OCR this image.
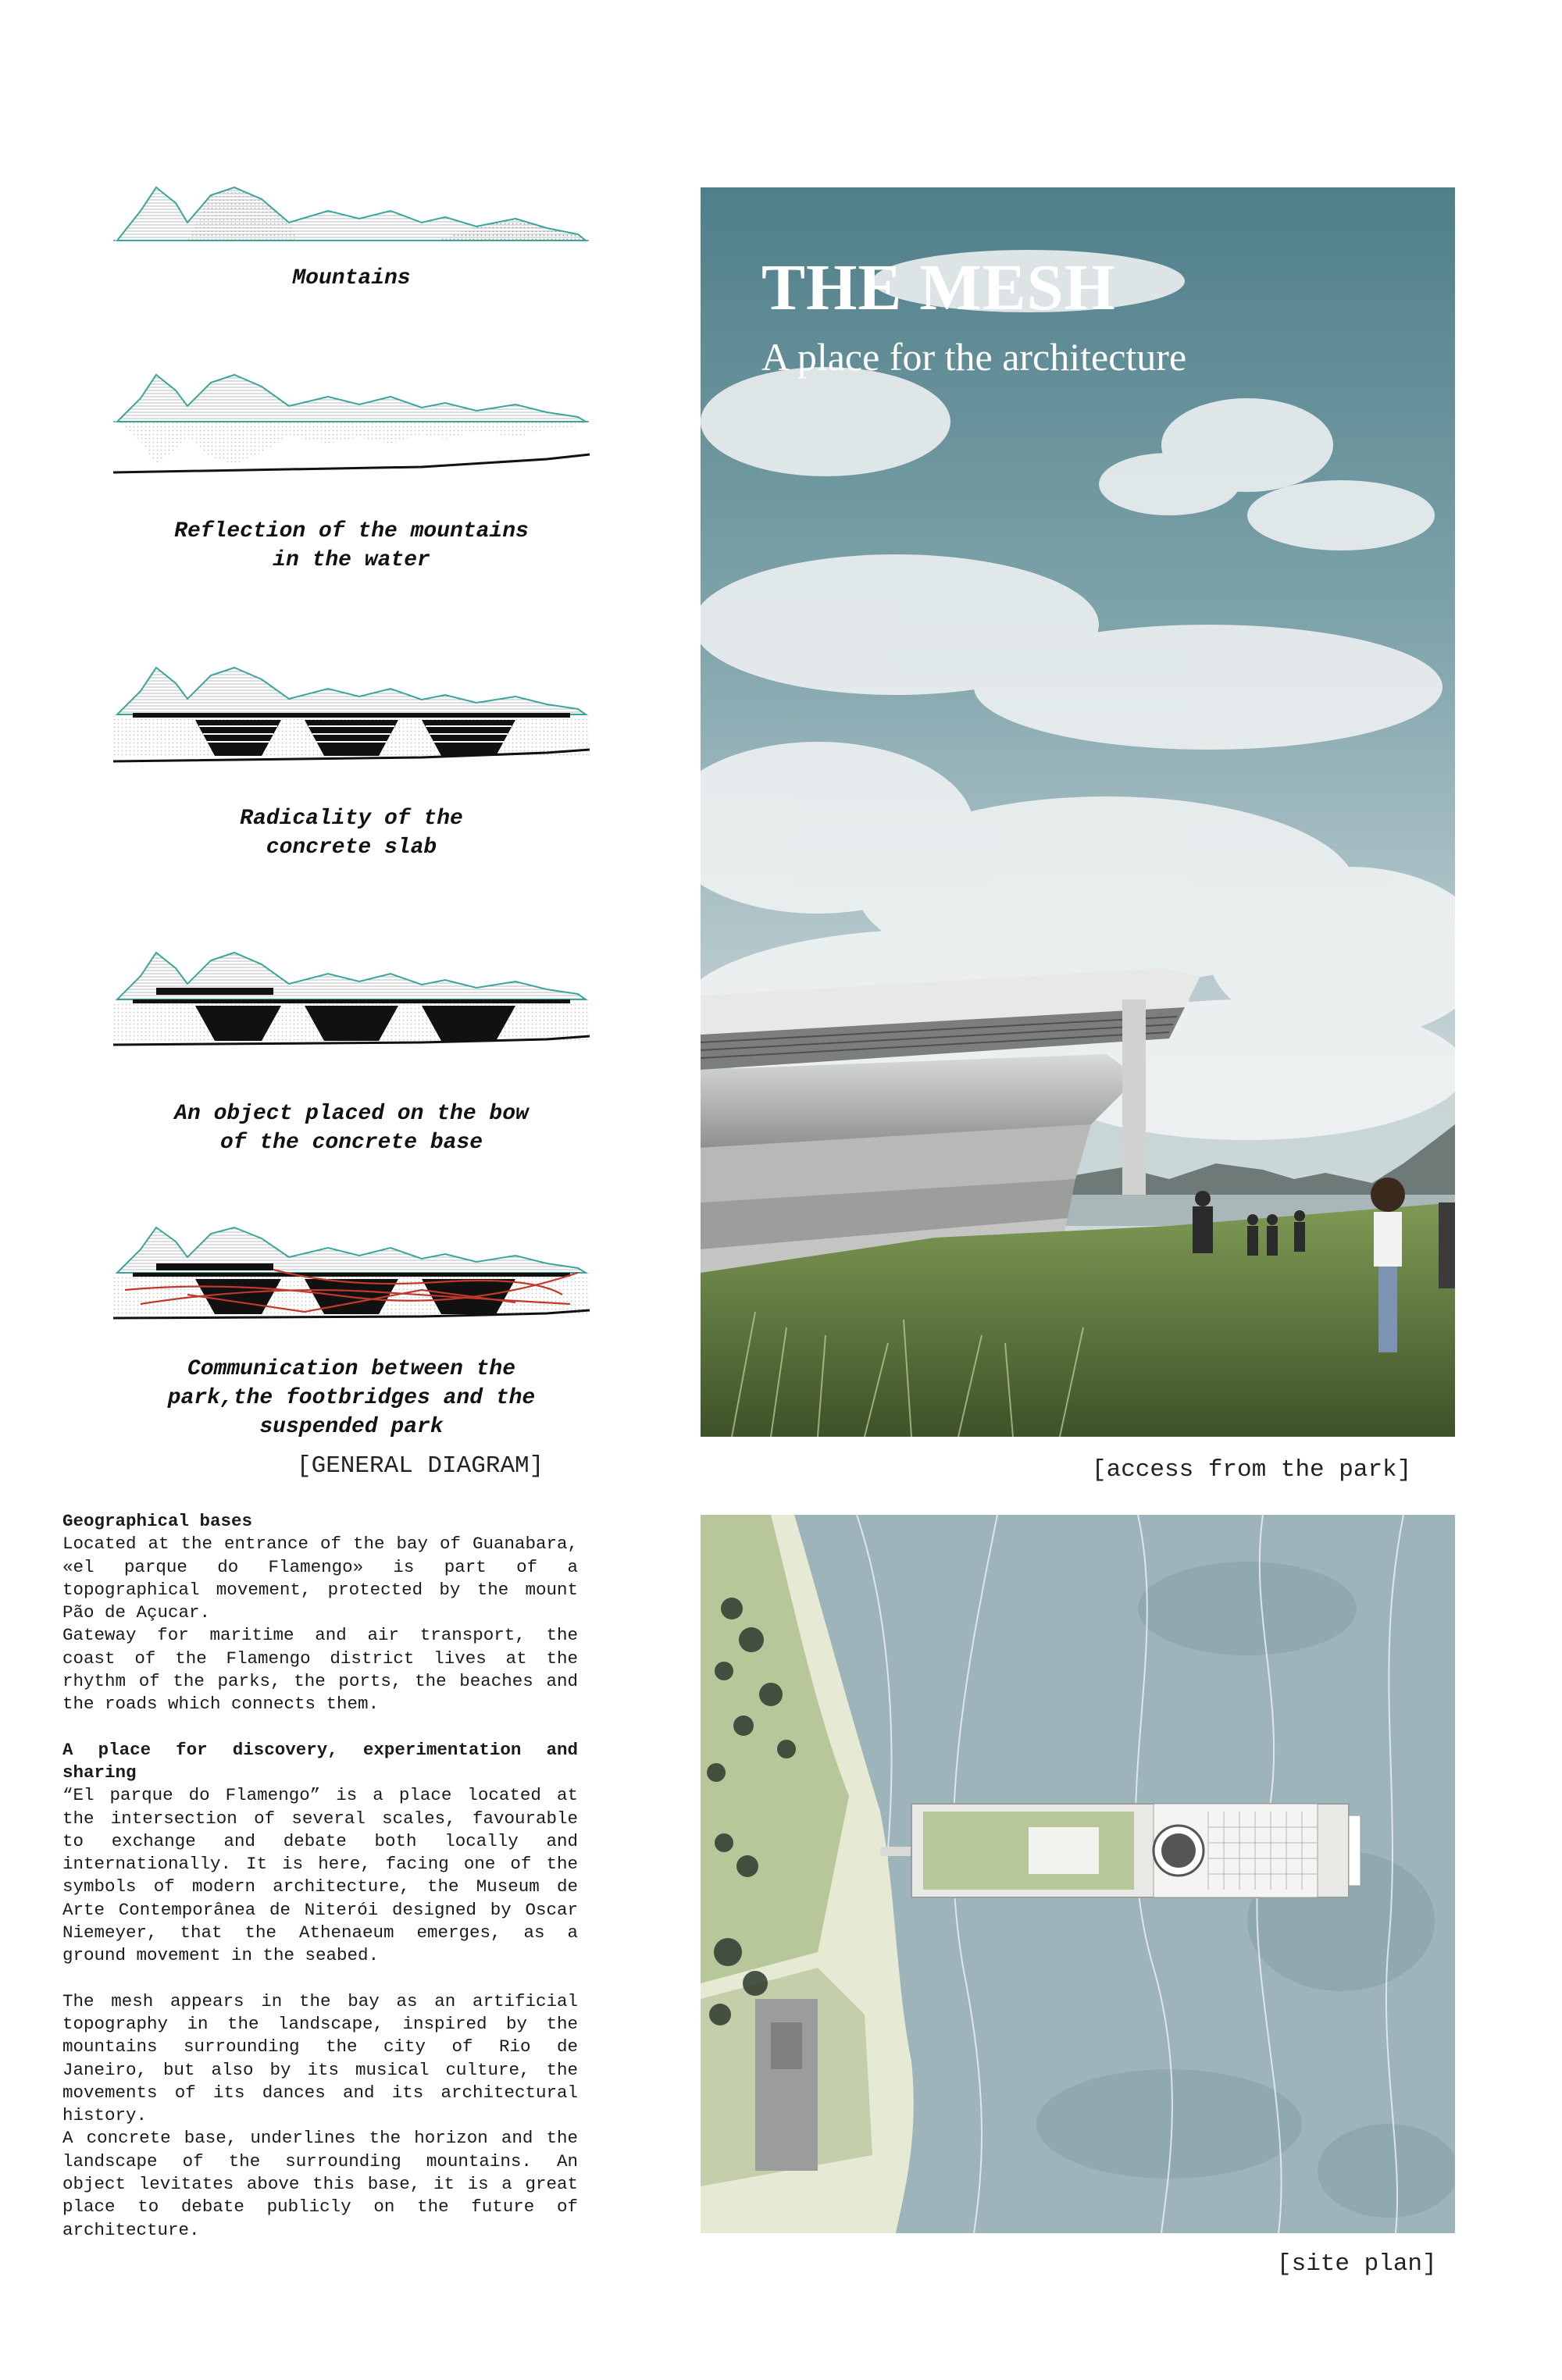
Mountains
Reflection of the mountains
in the water
Radicality of the
concrete slab
An object placed on the bow
of the concrete base
Communication between the
park,the footbridges and the
suspended park
[GENERAL DIAGRAM]
THE MESH
A place for the architecture
[access from the park]
Geographical bases

Located at the entrance of the bay of Guanabara, «el parque do Flamengo» is part of a topographical movement, protected by the mount Pão de Açucar.

Gateway for maritime and air transport, the coast of the Flamengo district lives at the rhythm of the parks, the ports, the beaches and the roads which connects them.

A place for discovery, experimentation and sharing

“El parque do Flamengo” is a place located at the intersection of several scales, favourable to exchange and debate both locally and internationally. It is here, facing one of the symbols of modern architecture, the Museum de Arte Contemporânea de Niterói designed by Oscar Niemeyer, that the Athenaeum emerges, as a ground movement in the seabed.

The mesh appears in the bay as an artificial topography in the landscape, inspired by the mountains surrounding the city of Rio de Janeiro, but also by its musical culture, the movements of its dances and its architectural history.

A concrete base, underlines the horizon and the landscape of the surrounding mountains. An object levitates above this base, it is a great place to debate publicly on the future of architecture.

[site plan]
